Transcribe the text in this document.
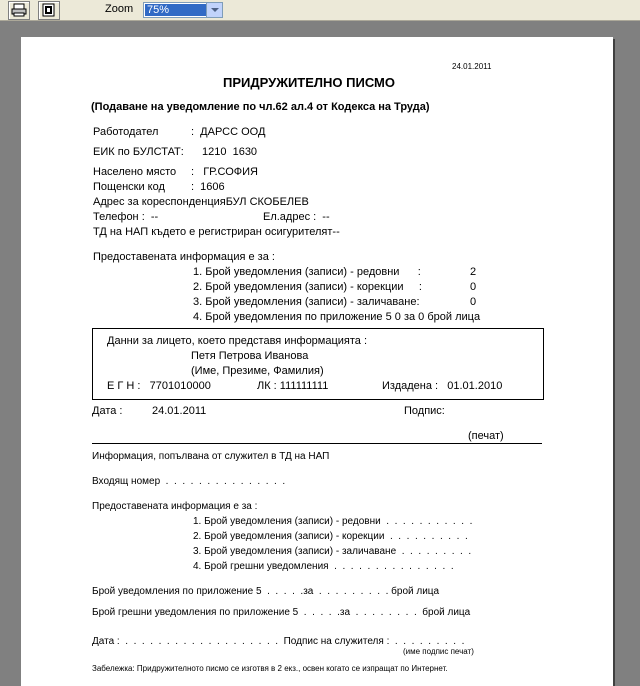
Zoom 75%
24.01.2011
ПРИДРУЖИТЕЛНО ПИСМО
(Подаване на уведомление по чл.62 ал.4 от Кодекса на Труда)
Работодател	:  ДАРСС ООД
ЕИК по БУЛСТАТ: 1210  1630
Населено място :   ГР.СОФИЯ
Пощенски код :  1606
Адрес за кореспонденцияБУЛ СКОБЕЛЕВ
Телефон :  --	Ел.адрес :  --
ТД на НАП където е регистриран осигурителят--
Предоставената информация е за :
1. Брой уведомления (записи) - редовни      :	2
2. Брой уведомления (записи) - корекции     :	0
3. Брой уведомления (записи) - заличаване:	0
4. Брой уведомления по приложение 5 0 за 0 брой лица
Данни за лицето, което представя информацията :
Петя Петрова Иванова
(Име, Презиме, Фамилия)
Е Г Н :   7701010000	ЛК : 111111111	Издадена :   01.01.2010
Дата :	24.01.2011	Подпис:
(печат)
Информация, попълвана от служител в ТД на НАП
Входящ номер  .  .  .  .  .  .  .  .  .  .  .  .  .  .  .
Предоставената информация е за :
1. Брой уведомления (записи) - редовни  .  .  .  .  .  .  .  .  .  .  .
2. Брой уведомления (записи) - корекции  .  .  .  .  .  .  .  .  .  .
3. Брой уведомления (записи) - заличаване  .  .  .  .  .  .  .  .  .
4. Брой грешни уведомления  .  .  .  .  .  .  .  .  .  .  .  .  .  .  .
Брой уведомления по приложение 5  .  .  .  .  .за  .  .  .  .  .  .  .  .  . брой лица
Брой грешни уведомления по приложение 5  .  .  .  .  .за  .  .  .  .  .  .  .  .  брой лица
Дата :  .  .  .  .  .  .  .  .  .  .  .  .  .  .  .  .  .  .  .  Подпис на служителя :  .  .  .  .  .  .  .  .  .
(име подпис печат)
Забележка: Придружителното писмо се изготвя в 2 екз., освен когато се изпращат по Интернет.
